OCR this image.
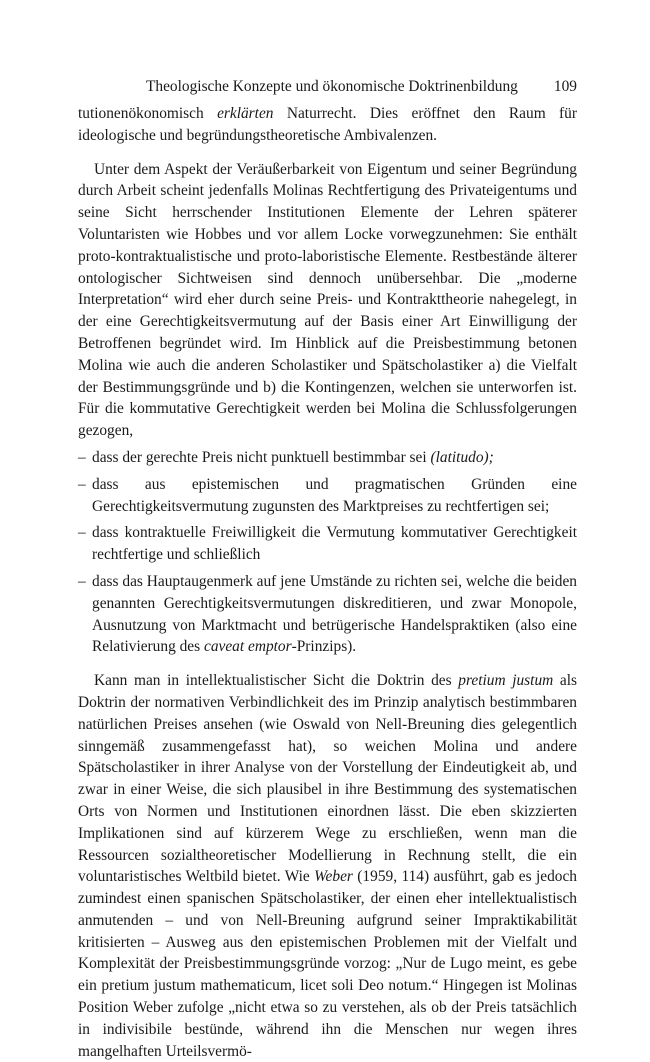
Theologische Konzepte und ökonomische Doktrinenbildung 109

tutionenökonomisch erklärten Naturrecht. Dies eröffnet den Raum für ideologische und begründungstheoretische Ambivalenzen.

Unter dem Aspekt der Veräußerbarkeit von Eigentum und seiner Begründung durch Arbeit scheint jedenfalls Molinas Rechtfertigung des Privateigentums und seine Sicht herrschender Institutionen Elemente der Lehren späterer Voluntaristen wie Hobbes und vor allem Locke vorwegzunehmen: Sie enthält proto-kontraktualistische und proto-laboristische Elemente. Restbestände älterer ontologischer Sichtweisen sind dennoch unübersehbar. Die „moderne Interpretation“ wird eher durch seine Preis- und Kontrakttheorie nahegelegt, in der eine Gerechtigkeitsvermutung auf der Basis einer Art Einwilligung der Betroffenen begründet wird. Im Hinblick auf die Preisbestimmung betonen Molina wie auch die anderen Scholastiker und Spätscholastiker a) die Vielfalt der Bestimmungsgründe und b) die Kontingenzen, welchen sie unterworfen ist. Für die kommutative Gerechtigkeit werden bei Molina die Schlussfolgerungen gezogen,

– dass der gerechte Preis nicht punktuell bestimmbar sei (latitudo);
– dass aus epistemischen und pragmatischen Gründen eine Gerechtigkeitsvermutung zugunsten des Marktpreises zu rechtfertigen sei;
– dass kontraktuelle Freiwilligkeit die Vermutung kommutativer Gerechtigkeit rechtfertige und schließlich
– dass das Hauptaugenmerk auf jene Umstände zu richten sei, welche die beiden genannten Gerechtigkeitsvermutungen diskreditieren, und zwar Monopole, Ausnutzung von Marktmacht und betrügerische Handelspraktiken (also eine Relativierung des caveat emptor-Prinzips).

Kann man in intellektualistischer Sicht die Doktrin des pretium justum als Doktrin der normativen Verbindlichkeit des im Prinzip analytisch bestimmbaren natürlichen Preises ansehen (wie Oswald von Nell-Breuning dies gelegentlich sinngemäß zusammengefasst hat), so weichen Molina und andere Spätscholastiker in ihrer Analyse von der Vorstellung der Eindeutigkeit ab, und zwar in einer Weise, die sich plausibel in ihre Bestimmung des systematischen Orts von Normen und Institutionen einordnen lässt. Die eben skizzierten Implikationen sind auf kürzerem Wege zu erschließen, wenn man die Ressourcen sozialtheoretischer Modellierung in Rechnung stellt, die ein voluntaristisches Weltbild bietet. Wie Weber (1959, 114) ausführt, gab es jedoch zumindest einen spanischen Spätscholastiker, der einen eher intellektualistisch anmutenden – und von Nell-Breuning aufgrund seiner Impraktikabilität kritisierten – Ausweg aus den epistemischen Problemen mit der Vielfalt und Komplexität der Preisbestimmungsgründe vorzog: „Nur de Lugo meint, es gebe ein pretium justum mathematicum, licet soli Deo notum.“ Hingegen ist Molinas Position Weber zufolge „nicht etwa so zu verstehen, als ob der Preis tatsächlich in indivisibile bestünde, während ihn die Menschen nur wegen ihres mangelhaften Urteilsvermö-
